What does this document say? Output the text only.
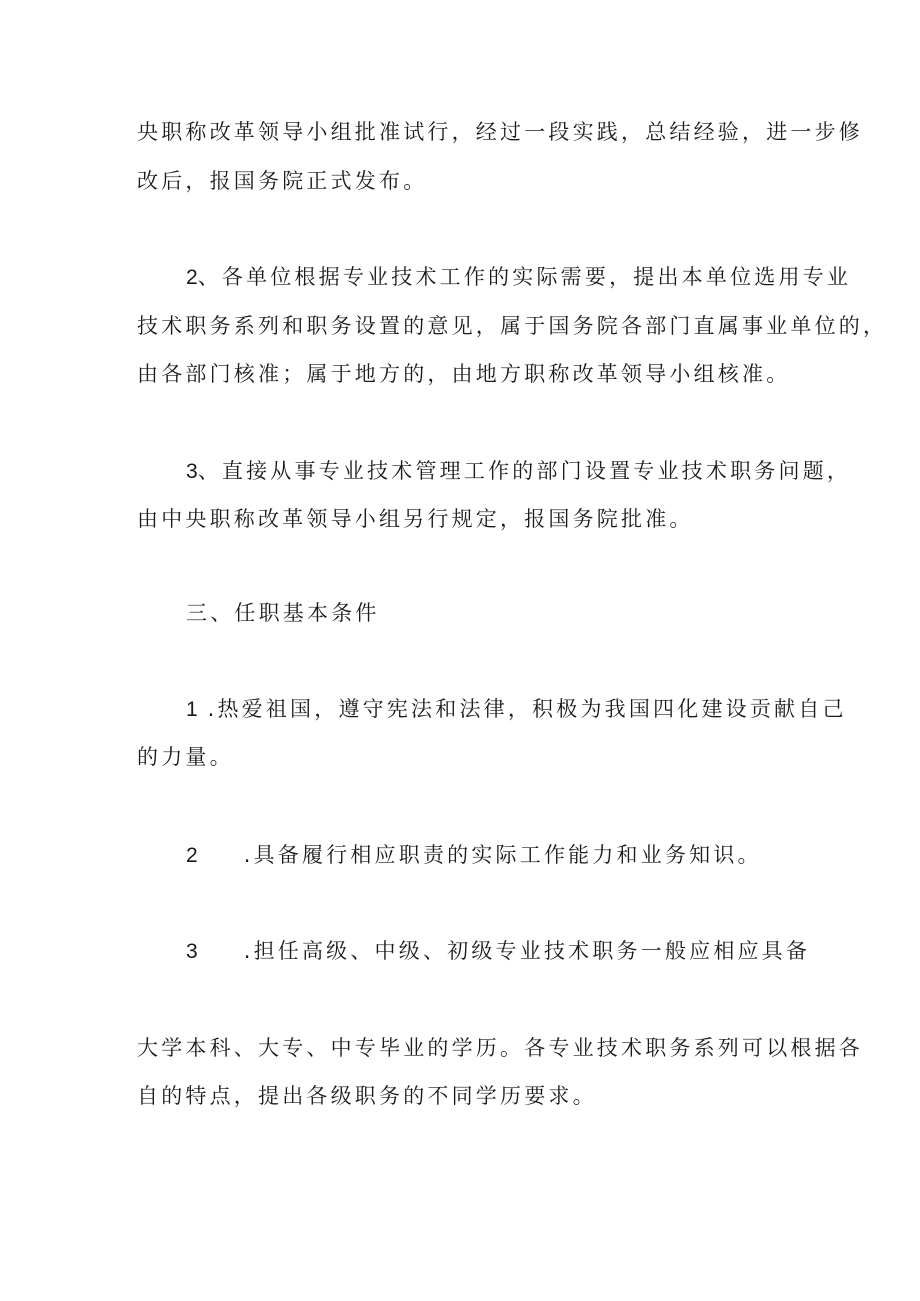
央职称改革领导小组批准试行，经过一段实践，总结经验，进一步修
改后，报国务院正式发布。
2、各单位根据专业技术工作的实际需要，提出本单位选用专业
技术职务系列和职务设置的意见，属于国务院各部门直属事业单位的，
由各部门核准；属于地方的，由地方职称改革领导小组核准。
3、直接从事专业技术管理工作的部门设置专业技术职务问题，
由中央职称改革领导小组另行规定，报国务院批准。
三、任职基本条件
1 .热爱祖国，遵守宪法和法律，积极为我国四化建设贡献自己
的力量。
2 .具备履行相应职责的实际工作能力和业务知识。
3 .担任高级、中级、初级专业技术职务一般应相应具备
大学本科、大专、中专毕业的学历。各专业技术职务系列可以根据各
自的特点，提出各级职务的不同学历要求。
